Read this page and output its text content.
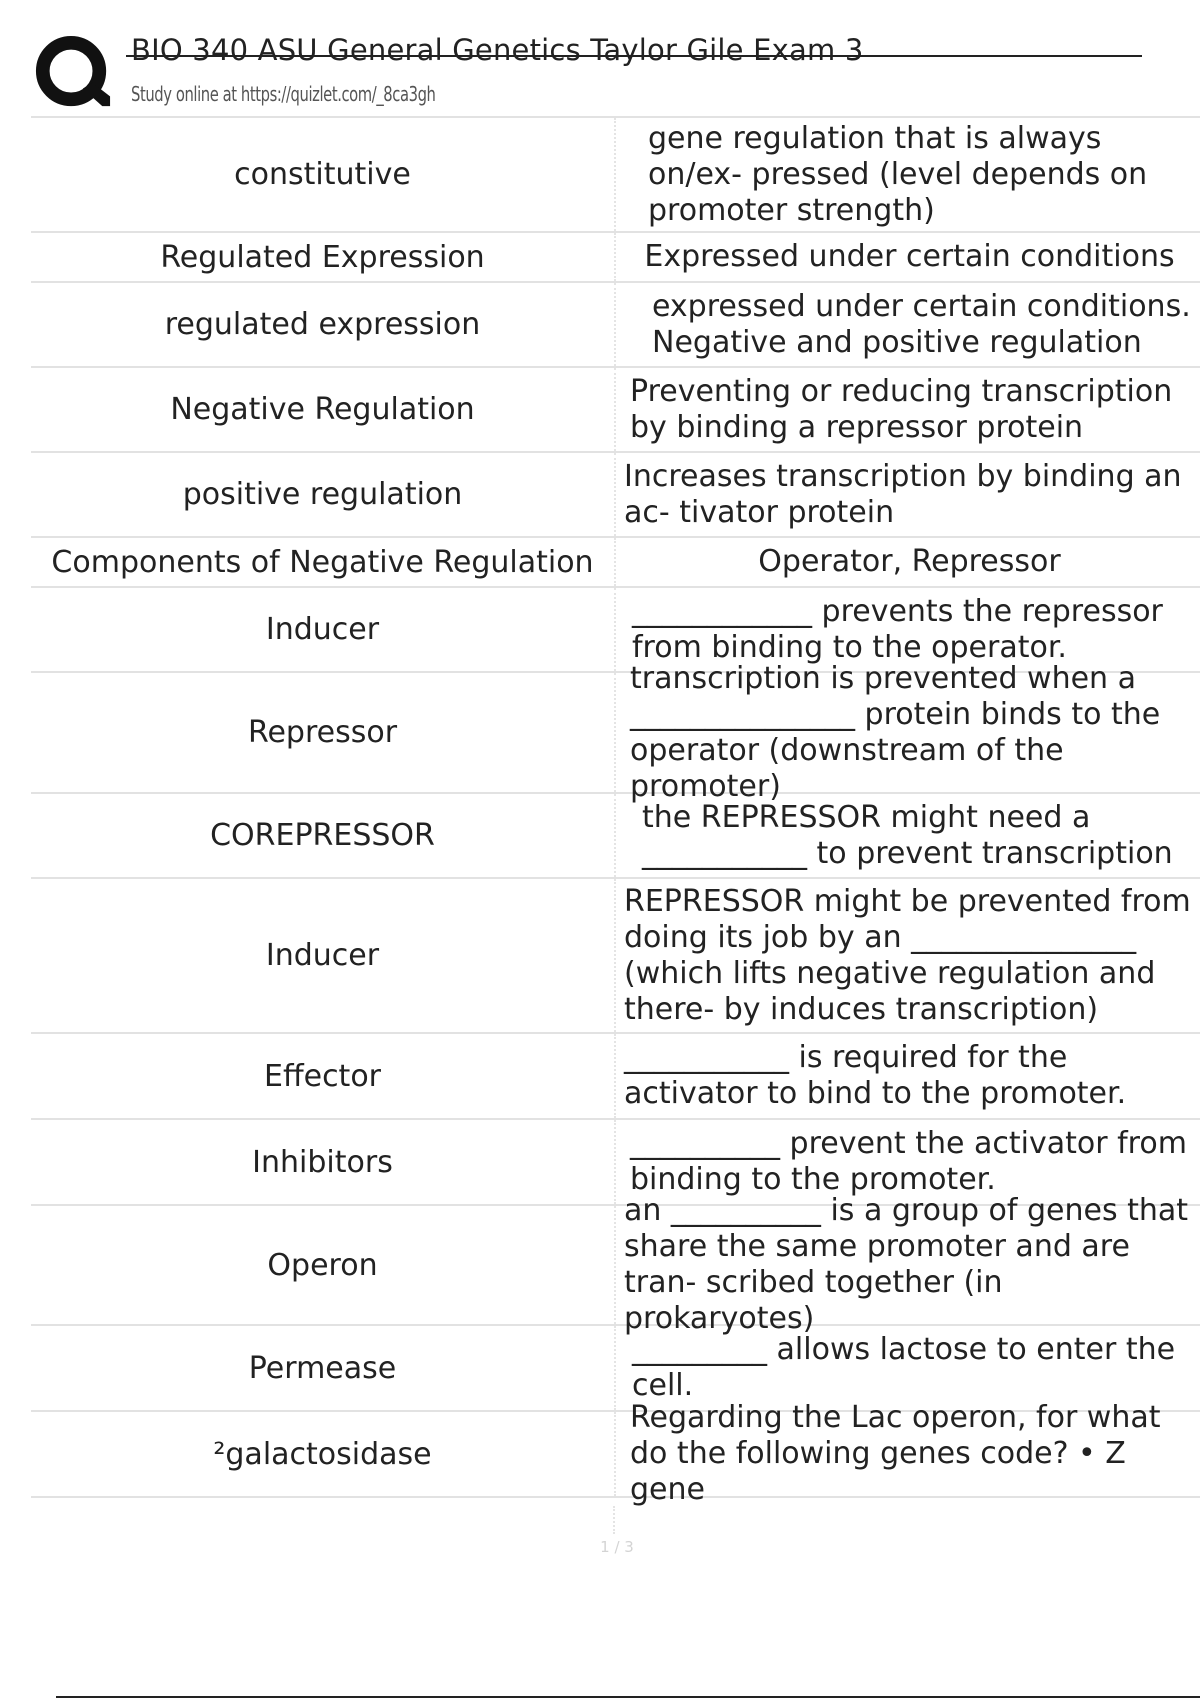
BIO 340 ASU General Genetics Taylor Gile Exam 3
Study online at https://quizlet.com/_8ca3gh
constitutive
gene regulation that is always on/ex- pressed (level depends on promoter strength)
Regulated Expression	Expressed under certain conditions
regulated expression
expressed under certain conditions. Negative and positive regulation
Negative Regulation
Preventing or reducing transcription by binding a repressor protein
positive regulation
Increases transcription by binding an ac- tivator protein
Components of Negative Regulation	Operator, Repressor
Inducer
____________ prevents the repressor from binding to the operator.
Repressor
transcription is prevented when a _______________ protein binds to the operator (downstream of the promoter)
COREPRESSOR
the REPRESSOR might need a ___________ to prevent transcription
Inducer
REPRESSOR might be prevented from doing its job by an _______________ (which lifts negative regulation and there- by induces transcription)
Effector
___________ is required for the activator to bind to the promoter.
Inhibitors
__________ prevent the activator from binding to the promoter.
Operon
an __________ is a group of genes that share the same promoter and are tran- scribed together (in prokaryotes)
Permease
_________ allows lactose to enter the cell.
²galactosidase
Regarding the Lac operon, for what do the following genes code? • Z gene
1 / 3
